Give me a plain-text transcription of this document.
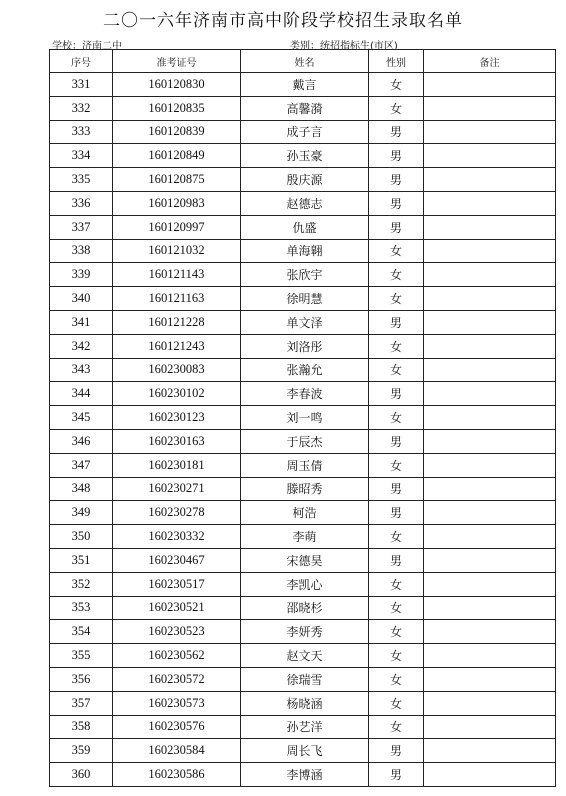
二〇一六年济南市高中阶段学校招生录取名单
学校：济南二中	类别：统招指标生(市区)
序号	准考证号	姓名	性别	备注
331	160120830	戴言	女	
332	160120835	高馨漪	女	
333	160120839	成子言	男	
334	160120849	孙玉豪	男	
335	160120875	殷庆源	男	
336	160120983	赵德志	男	
337	160120997	仇盛	男	
338	160121032	单海翱	女	
339	160121143	张欣宇	女	
340	160121163	徐明慧	女	
341	160121228	单文泽	男	
342	160121243	刘洛彤	女	
343	160230083	张瀚允	女	
344	160230102	李春波	男	
345	160230123	刘一鸣	女	
346	160230163	于辰杰	男	
347	160230181	周玉倩	女	
348	160230271	滕昭秀	男	
349	160230278	柯浩	男	
350	160230332	李萌	女	
351	160230467	宋德昊	男	
352	160230517	李凯心	女	
353	160230521	邵晓杉	女	
354	160230523	李妍秀	女	
355	160230562	赵文天	女	
356	160230572	徐瑞雪	女	
357	160230573	杨晓涵	女	
358	160230576	孙艺洋	女	
359	160230584	周长飞	男	
360	160230586	李博涵	男	
